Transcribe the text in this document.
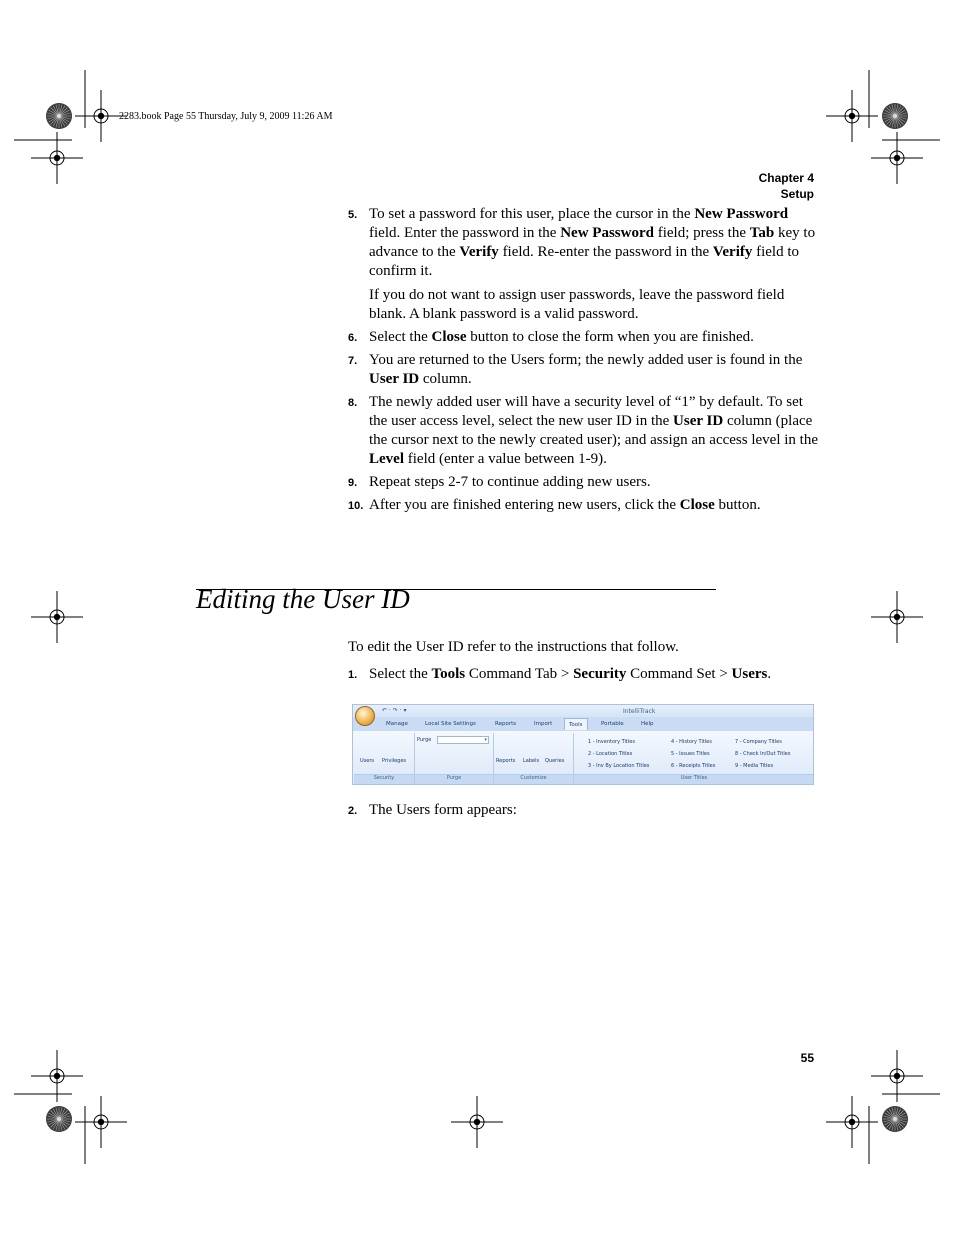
2283.book Page 55 Thursday, July 9, 2009 11:26 AM
Chapter 4
Setup
5. To set a password for this user, place the cursor in the New Password field. Enter the password in the New Password field; press the Tab key to advance to the Verify field. Re-enter the password in the Verify field to confirm it.
If you do not want to assign user passwords, leave the password field blank. A blank password is a valid password.
6. Select the Close button to close the form when you are finished.
7. You are returned to the Users form; the newly added user is found in the User ID column.
8. The newly added user will have a security level of “1” by default. To set the user access level, select the new user ID in the User ID column (place the cursor next to the newly created user); and assign an access level in the Level field (enter a value between 1-9).
9. Repeat steps 2-7 to continue adding new users.
10. After you are finished entering new users, click the Close button.
Editing the User ID
To edit the User ID refer to the instructions that follow.
1. Select the Tools Command Tab > Security Command Set > Users.
↶ · ↷ · ▾	IntelliTrack
Manage	Local Site Settings	Reports	Import	Tools	Portable	Help
Users Privileges
Security
Purge	▾
Purge
Reports Labels Queries
Customize
1 - Inventory Titles
2 - Location Titles
3 - Inv By Location Titles
4 - History Titles
5 - Issues Titles
6 - Receipts Titles
7 - Company Titles
8 - Check In/Out Titles
9 - Media Titles
User Titles
2. The Users form appears:
55
